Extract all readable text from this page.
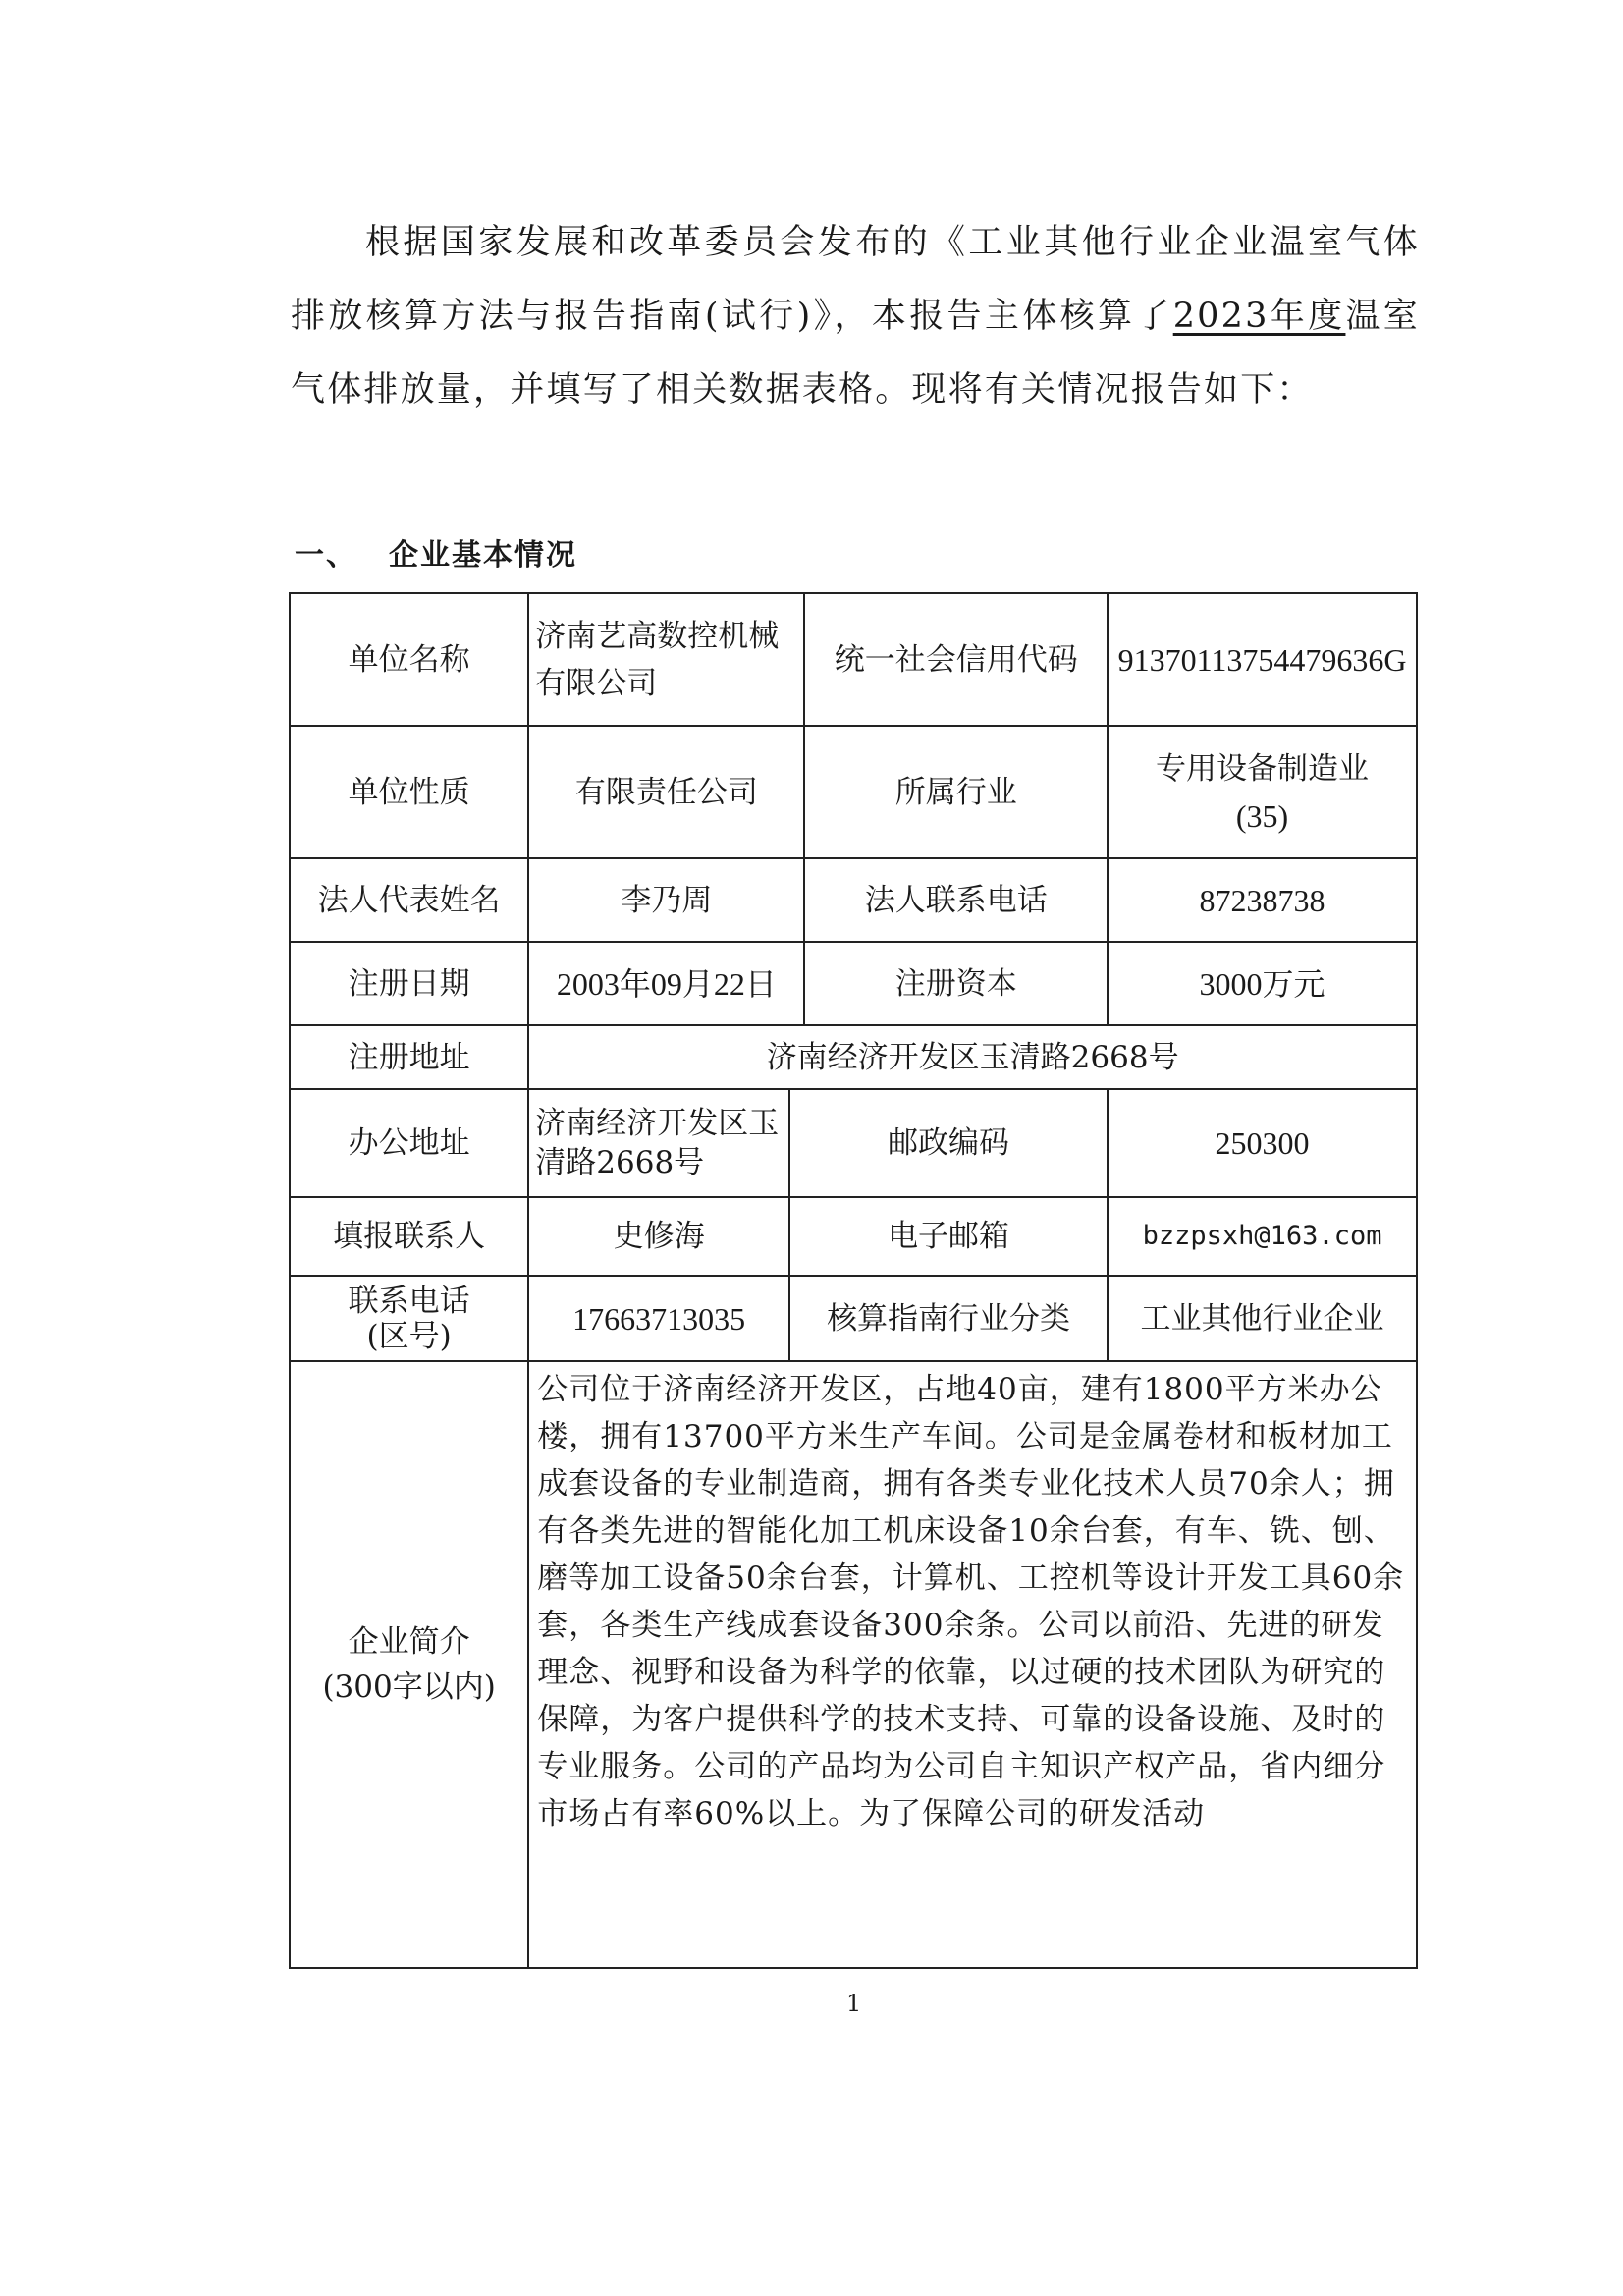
根据国家发展和改革委员会发布的《工业其他行业企业温室气体排放核算方法与报告指南(试行)》，本报告主体核算了2023年度温室气体排放量，并填写了相关数据表格。现将有关情况报告如下：
一、 企业基本情况
单位名称	济南艺高数控机械有限公司		统一社会信用代码	91370113754479636G
单位性质	有限责任公司		所属行业	专用设备制造业
(35)

法人代表姓名	李乃周		法人联系电话	87238738
注册日期	2003年09月22日		注册资本	3000万元
注册地址	济南经济开发区玉清路2668号			
办公地址	济南经济开发区玉清路2668号	邮政编码		250300
填报联系人	史修海	电子邮箱		bzzpsxh@163.com

联系电话
(区号)	17663713035	核算指南行业分类		工业其他行业企业

企业简介
(300字以内)	公司位于济南经济开发区，占地40亩，建有1800平方米办公楼，拥有13700平方米生产车间。公司是金属卷材和板材加工成套设备的专业制造商，拥有各类专业化技术人员70余人；拥有各类先进的智能化加工机床设备10余台套，有车、铣、刨、磨等加工设备50余台套，计算机、工控机等设计开发工具60余套，各类生产线成套设备300余条。公司以前沿、先进的研发理念、视野和设备为科学的依靠，以过硬的技术团队为研究的保障，为客户提供科学的技术支持、可靠的设备设施、及时的专业服务。公司的产品均为公司自主知识产权产品，省内细分市场占有率60%以上。为了保障公司的研发活动			
1
